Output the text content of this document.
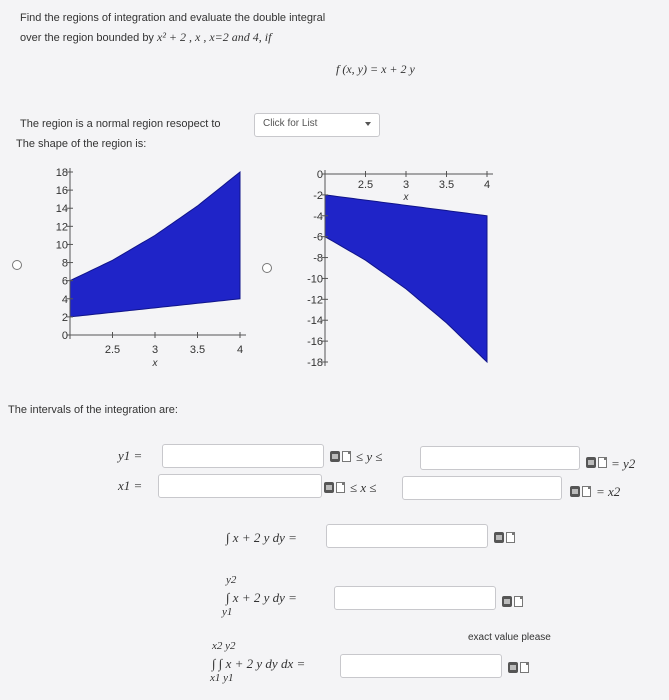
Find the regions of integration and evaluate the double integral
over the region bounded by x² + 2 , x , x=2 and 4, if
f (x, y) = x + 2 y
The region is a normal region resopect to	Click for List
The shape of the region is:
18
16
14
12
10
8
6
4
2
0
2.5	3	3.5	4
x
0
-2
-4
-6
-8
-10
-12
-14
-16
-18
2.5	3	3.5	4
x
The intervals of the integration are:
y1 =	≤ y ≤	= y2
x1 =	≤ x ≤	= x2
∫ x + 2 y dy =
y2
∫ x + 2 y dy =
y1
exact value please
x2 y2
∫ ∫ x + 2 y dy dx =
x1 y1
